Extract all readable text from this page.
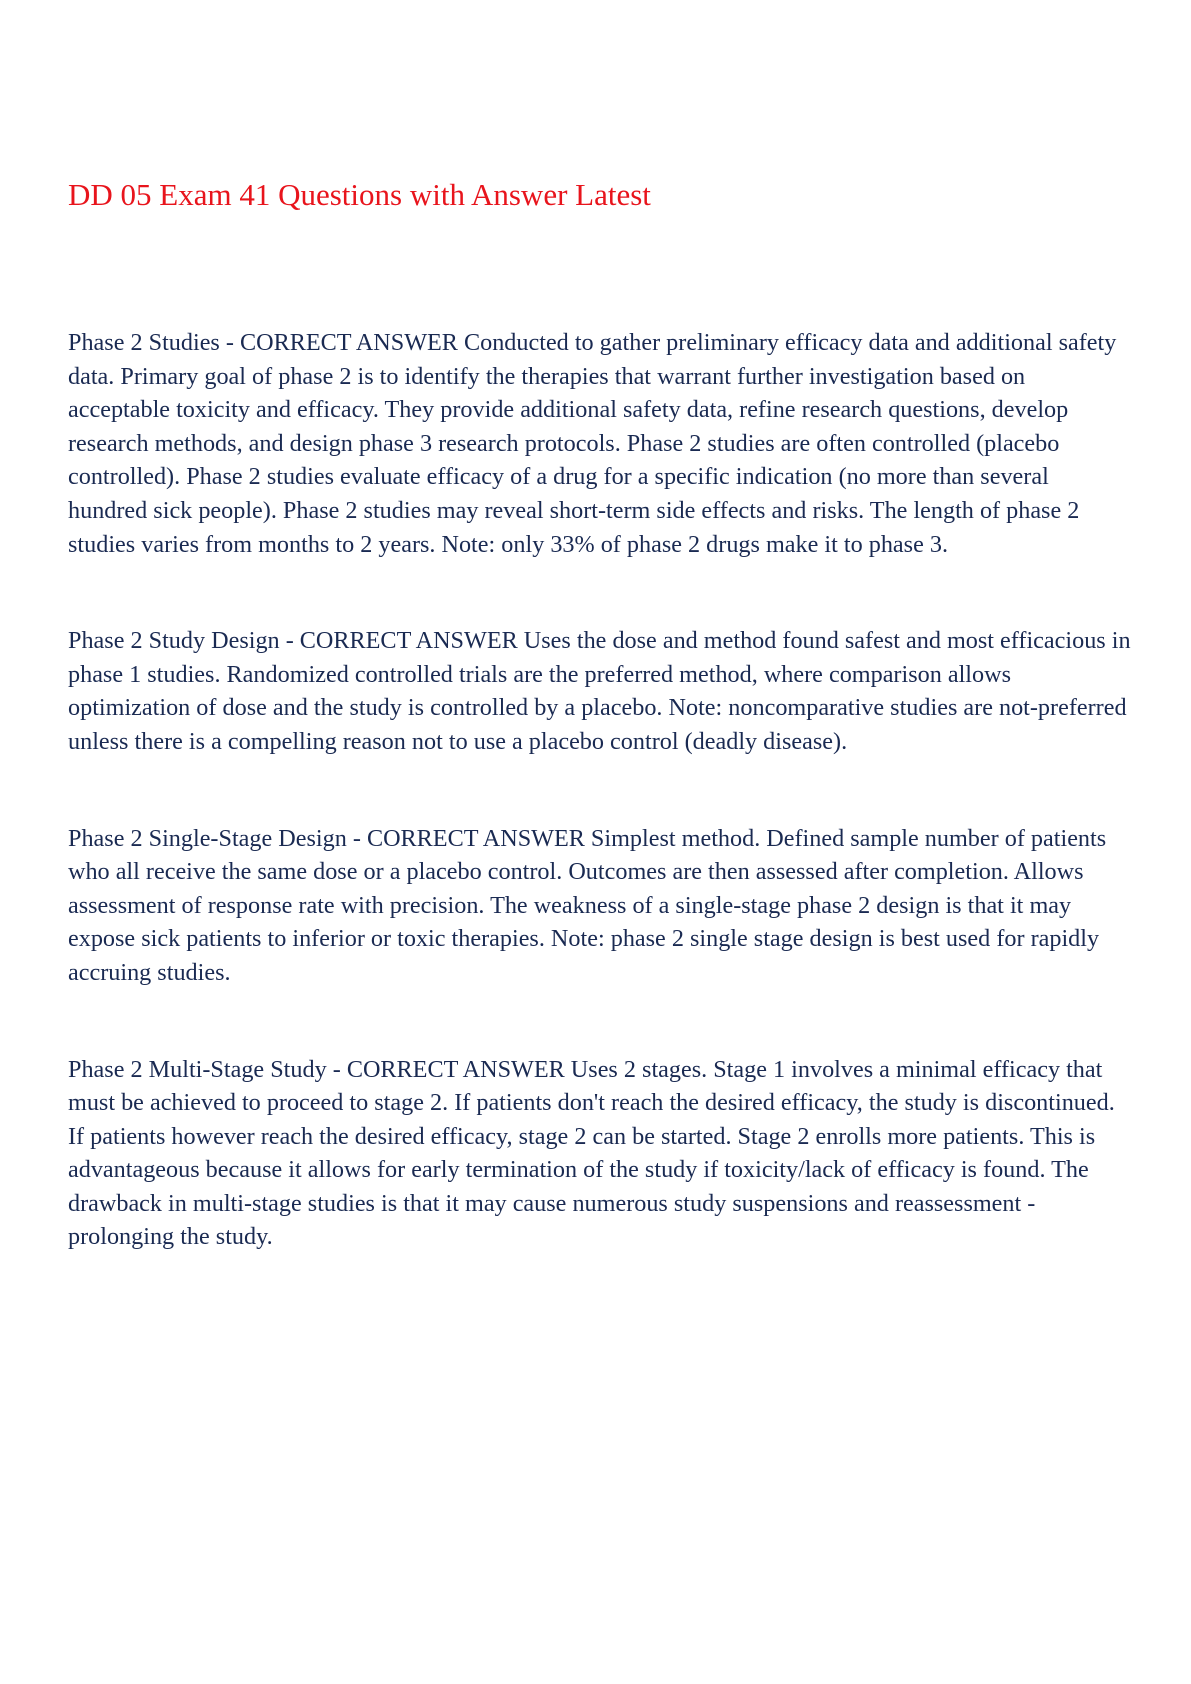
DD 05 Exam 41 Questions with Answer Latest

Phase 2 Studies - CORRECT ANSWER Conducted to gather preliminary efficacy data and additional safety data. Primary goal of phase 2 is to identify the therapies that warrant further investigation based on acceptable toxicity and efficacy. They provide additional safety data, refine research questions, develop research methods, and design phase 3 research protocols. Phase 2 studies are often controlled (placebo controlled). Phase 2 studies evaluate efficacy of a drug for a specific indication (no more than several hundred sick people). Phase 2 studies may reveal short-term side effects and risks. The length of phase 2 studies varies from months to 2 years. Note: only 33% of phase 2 drugs make it to phase 3.

Phase 2 Study Design - CORRECT ANSWER Uses the dose and method found safest and most efficacious in phase 1 studies. Randomized controlled trials are the preferred method, where comparison allows optimization of dose and the study is controlled by a placebo. Note: noncomparative studies are not-preferred unless there is a compelling reason not to use a placebo control (deadly disease).

Phase 2 Single-Stage Design - CORRECT ANSWER Simplest method. Defined sample number of patients who all receive the same dose or a placebo control. Outcomes are then assessed after completion. Allows assessment of response rate with precision. The weakness of a single-stage phase 2 design is that it may expose sick patients to inferior or toxic therapies. Note: phase 2 single stage design is best used for rapidly accruing studies.

Phase 2 Multi-Stage Study - CORRECT ANSWER Uses 2 stages. Stage 1 involves a minimal efficacy that must be achieved to proceed to stage 2. If patients don't reach the desired efficacy, the study is discontinued. If patients however reach the desired efficacy, stage 2 can be started. Stage 2 enrolls more patients. This is advantageous because it allows for early termination of the study if toxicity/lack of efficacy is found. The drawback in multi-stage studies is that it may cause numerous study suspensions and reassessment - prolonging the study.
